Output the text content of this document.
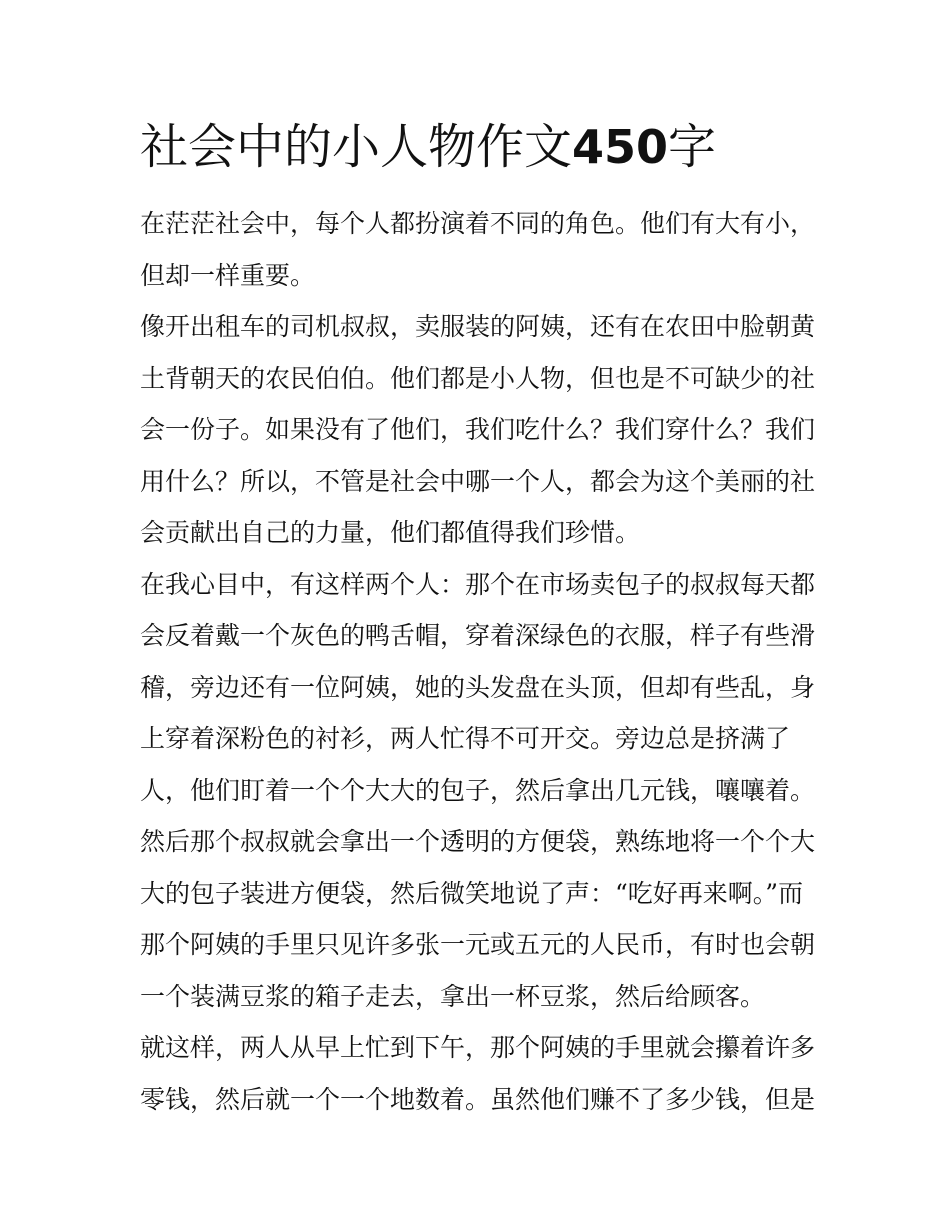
社会中的小人物作文450字
在茫茫社会中，每个人都扮演着不同的角色。他们有大有小，
但却一样重要。
像开出租车的司机叔叔，卖服装的阿姨，还有在农田中脸朝黄
土背朝天的农民伯伯。他们都是小人物，但也是不可缺少的社
会一份子。如果没有了他们，我们吃什么？我们穿什么？我们
用什么？所以，不管是社会中哪一个人，都会为这个美丽的社
会贡献出自己的力量，他们都值得我们珍惜。
在我心目中，有这样两个人：那个在市场卖包子的叔叔每天都
会反着戴一个灰色的鸭舌帽，穿着深绿色的衣服，样子有些滑
稽，旁边还有一位阿姨，她的头发盘在头顶，但却有些乱，身
上穿着深粉色的衬衫，两人忙得不可开交。旁边总是挤满了
人，他们盯着一个个大大的包子，然后拿出几元钱，嚷嚷着。
然后那个叔叔就会拿出一个透明的方便袋，熟练地将一个个大
大的包子装进方便袋，然后微笑地说了声：“吃好再来啊。”而
那个阿姨的手里只见许多张一元或五元的人民币，有时也会朝
一个装满豆浆的箱子走去，拿出一杯豆浆，然后给顾客。
就这样，两人从早上忙到下午，那个阿姨的手里就会攥着许多
零钱，然后就一个一个地数着。虽然他们赚不了多少钱，但是
